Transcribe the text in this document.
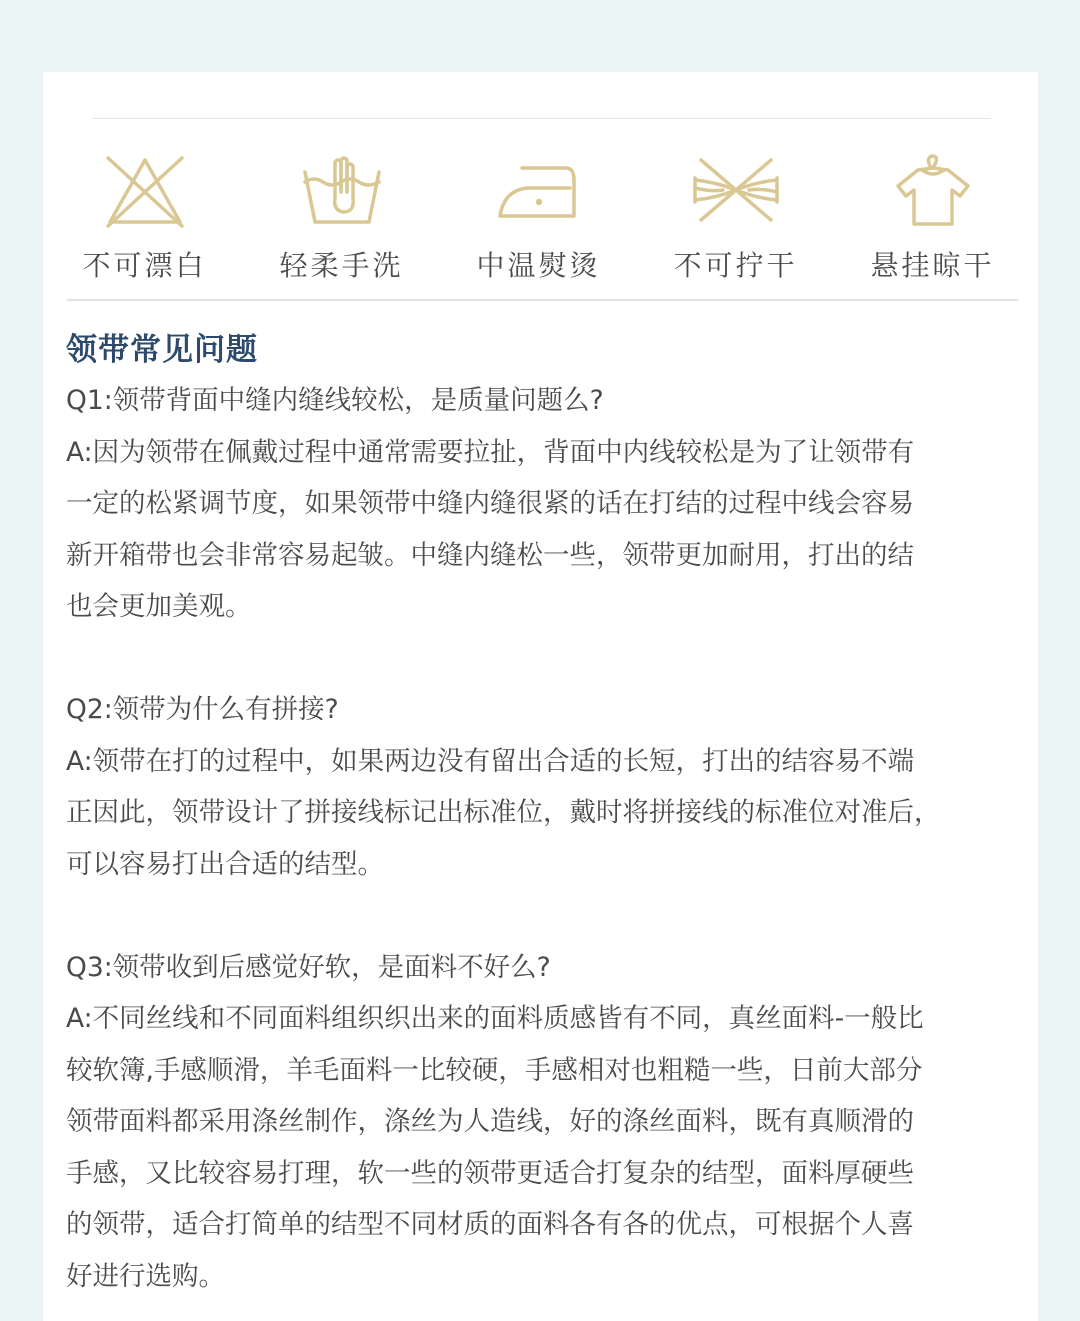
不可漂白	轻柔手洗	中温熨烫	不可拧干	悬挂晾干
领带常见问题
Q1:领带背面中缝内缝线较松，是质量问题么?
A:因为领带在佩戴过程中通常需要拉扯，背面中内线较松是为了让领带有
一定的松紧调节度，如果领带中缝内缝很紧的话在打结的过程中线会容易
新开箱带也会非常容易起皱。中缝内缝松一些，领带更加耐用，打出的结
也会更加美观。
Q2:领带为什么有拼接?
A:领带在打的过程中，如果两边没有留出合适的长短，打出的结容易不端
正因此，领带设计了拼接线标记出标准位，戴时将拼接线的标准位对准后，
可以容易打出合适的结型。
Q3:领带收到后感觉好软，是面料不好么?
A:不同丝线和不同面料组织织出来的面料质感皆有不同，真丝面料-一般比
较软簿,手感顺滑，羊毛面料一比较硬，手感相对也粗糙一些，日前大部分
领带面料都采用涤丝制作，涤丝为人造线，好的涤丝面料，既有真顺滑的
手感，又比较容易打理，软一些的领带更适合打复杂的结型，面料厚硬些
的领带，适合打简单的结型不同材质的面料各有各的优点，可根据个人喜
好进行选购。
